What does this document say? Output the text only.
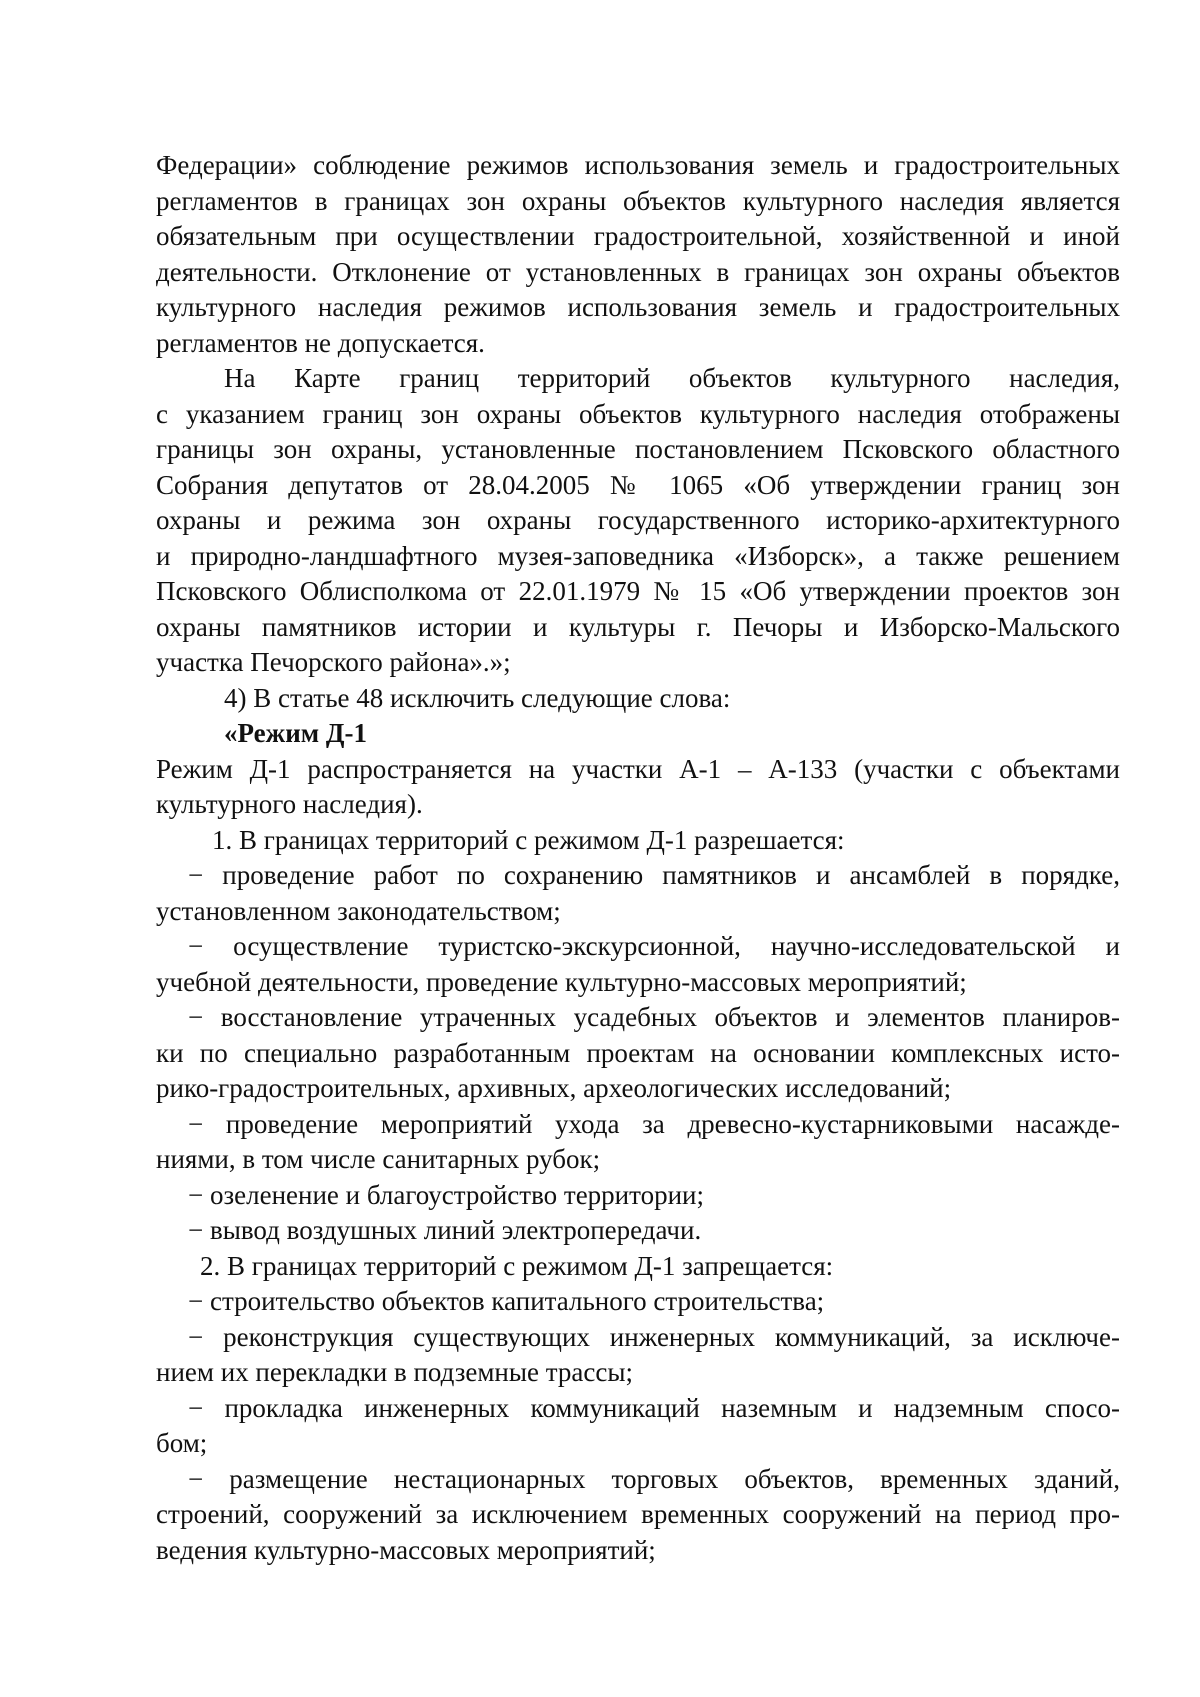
Федерации» соблюдение режимов использования земель и градостроительных

регламентов в границах зон охраны объектов культурного наследия является

обязательным при осуществлении градостроительной, хозяйственной и иной

деятельности. Отклонение от установленных в границах зон охраны объектов

культурного наследия режимов использования земель и градостроительных

регламентов не допускается.

На Карте границ территорий объектов культурного наследия,

с указанием границ зон охраны объектов культурного наследия отображены

границы зон охраны, установленные постановлением Псковского областного

Собрания депутатов от 28.04.2005 № 1065 «Об утверждении границ зон

охраны и режима зон охраны государственного историко-архитектурного

и природно-ландшафтного музея-заповедника «Изборск», а также решением

Псковского Облисполкома от 22.01.1979 № 15 «Об утверждении проектов зон

охраны памятников истории и культуры г. Печоры и Изборско-Мальского

участка Печорского района».»;

4) В статье 48 исключить следующие слова:

«Режим Д-1

Режим Д-1 распространяется на участки А-1 – А-133 (участки с объектами

культурного наследия).

1. В границах территорий с режимом Д-1 разрешается:

− проведение работ по сохранению памятников и ансамблей в порядке,

установленном законодательством;

− осуществление туристско-экскурсионной, научно-исследовательской и

учебной деятельности, проведение культурно-массовых мероприятий;

− восстановление утраченных усадебных объектов и элементов планиров-

ки по специально разработанным проектам на основании комплексных исто-

рико-градостроительных, архивных, археологических исследований;

− проведение мероприятий ухода за древесно-кустарниковыми насажде-

ниями, в том числе санитарных рубок;

− озеленение и благоустройство территории;

− вывод воздушных линий электропередачи.

2. В границах территорий с режимом Д-1 запрещается:

− строительство объектов капитального строительства;

− реконструкция существующих инженерных коммуникаций, за исключе-

нием их перекладки в подземные трассы;

− прокладка инженерных коммуникаций наземным и надземным спосо-

бом;

− размещение нестационарных торговых объектов, временных зданий,

строений, сооружений за исключением временных сооружений на период про-

ведения культурно-массовых мероприятий;
